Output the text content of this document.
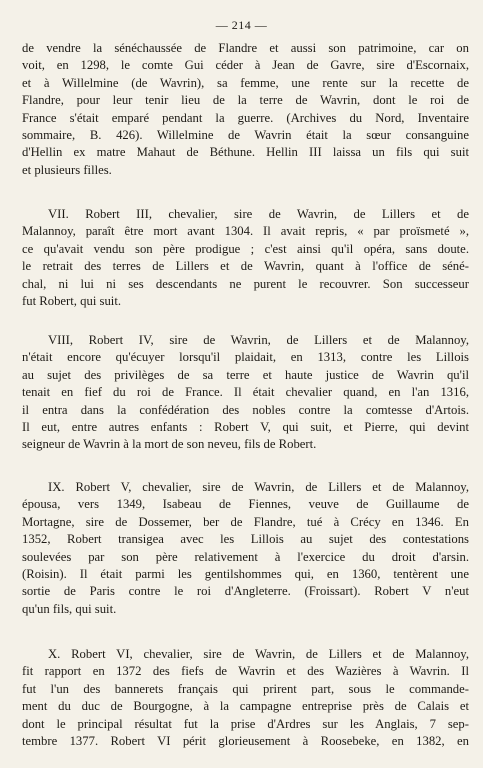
— 214 —
de vendre la sénéchaussée de Flandre et aussi son patrimoine, car on
voit, en 1298, le comte Gui céder à Jean de Gavre, sire d'Escornaix,
et à Willelmine (de Wavrin), sa femme, une rente sur la recette de
Flandre, pour leur tenir lieu de la terre de Wavrin, dont le roi de
France s'était emparé pendant la guerre. (Archives du Nord, Inventaire
sommaire, B. 426). Willelmine de Wavrin était la sœur consanguine
d'Hellin ex matre Mahaut de Béthune. Hellin III laissa un fils qui suit
et plusieurs filles.
VII. Robert III, chevalier, sire de Wavrin, de Lillers et de
Malannoy, paraît être mort avant 1304. Il avait repris, « par proïsmeté »,
ce qu'avait vendu son père prodigue ; c'est ainsi qu'il opéra, sans doute.
le retrait des terres de Lillers et de Wavrin, quant à l'office de séné-
chal, ni lui ni ses descendants ne purent le recouvrer. Son successeur
fut Robert, qui suit.
VIII, Robert IV, sire de Wavrin, de Lillers et de Malannoy,
n'était encore qu'écuyer lorsqu'il plaidait, en 1313, contre les Lillois
au sujet des privilèges de sa terre et haute justice de Wavrin qu'il
tenait en fief du roi de France. Il était chevalier quand, en l'an 1316,
il entra dans la confédération des nobles contre la comtesse d'Artois.
Il eut, entre autres enfants : Robert V, qui suit, et Pierre, qui devint
seigneur de Wavrin à la mort de son neveu, fils de Robert.
IX. Robert V, chevalier, sire de Wavrin, de Lillers et de Malannoy,
épousa, vers 1349, Isabeau de Fiennes, veuve de Guillaume de
Mortagne, sire de Dossemer, ber de Flandre, tué à Crécy en 1346. En
1352, Robert transigea avec les Lillois au sujet des contestations
soulevées par son père relativement à l'exercice du droit d'arsin.
(Roisin). Il était parmi les gentilshommes qui, en 1360, tentèrent une
sortie de Paris contre le roi d'Angleterre. (Froissart). Robert V n'eut
qu'un fils, qui suit.
X. Robert VI, chevalier, sire de Wavrin, de Lillers et de Malannoy,
fit rapport en 1372 des fiefs de Wavrin et des Wazières à Wavrin. Il
fut l'un des bannerets français qui prirent part, sous le commande-
ment du duc de Bourgogne, à la campagne entreprise près de Calais et
dont le principal résultat fut la prise d'Ardres sur les Anglais, 7 sep-
tembre 1377. Robert VI périt glorieusement à Roosebeke, en 1382, en
